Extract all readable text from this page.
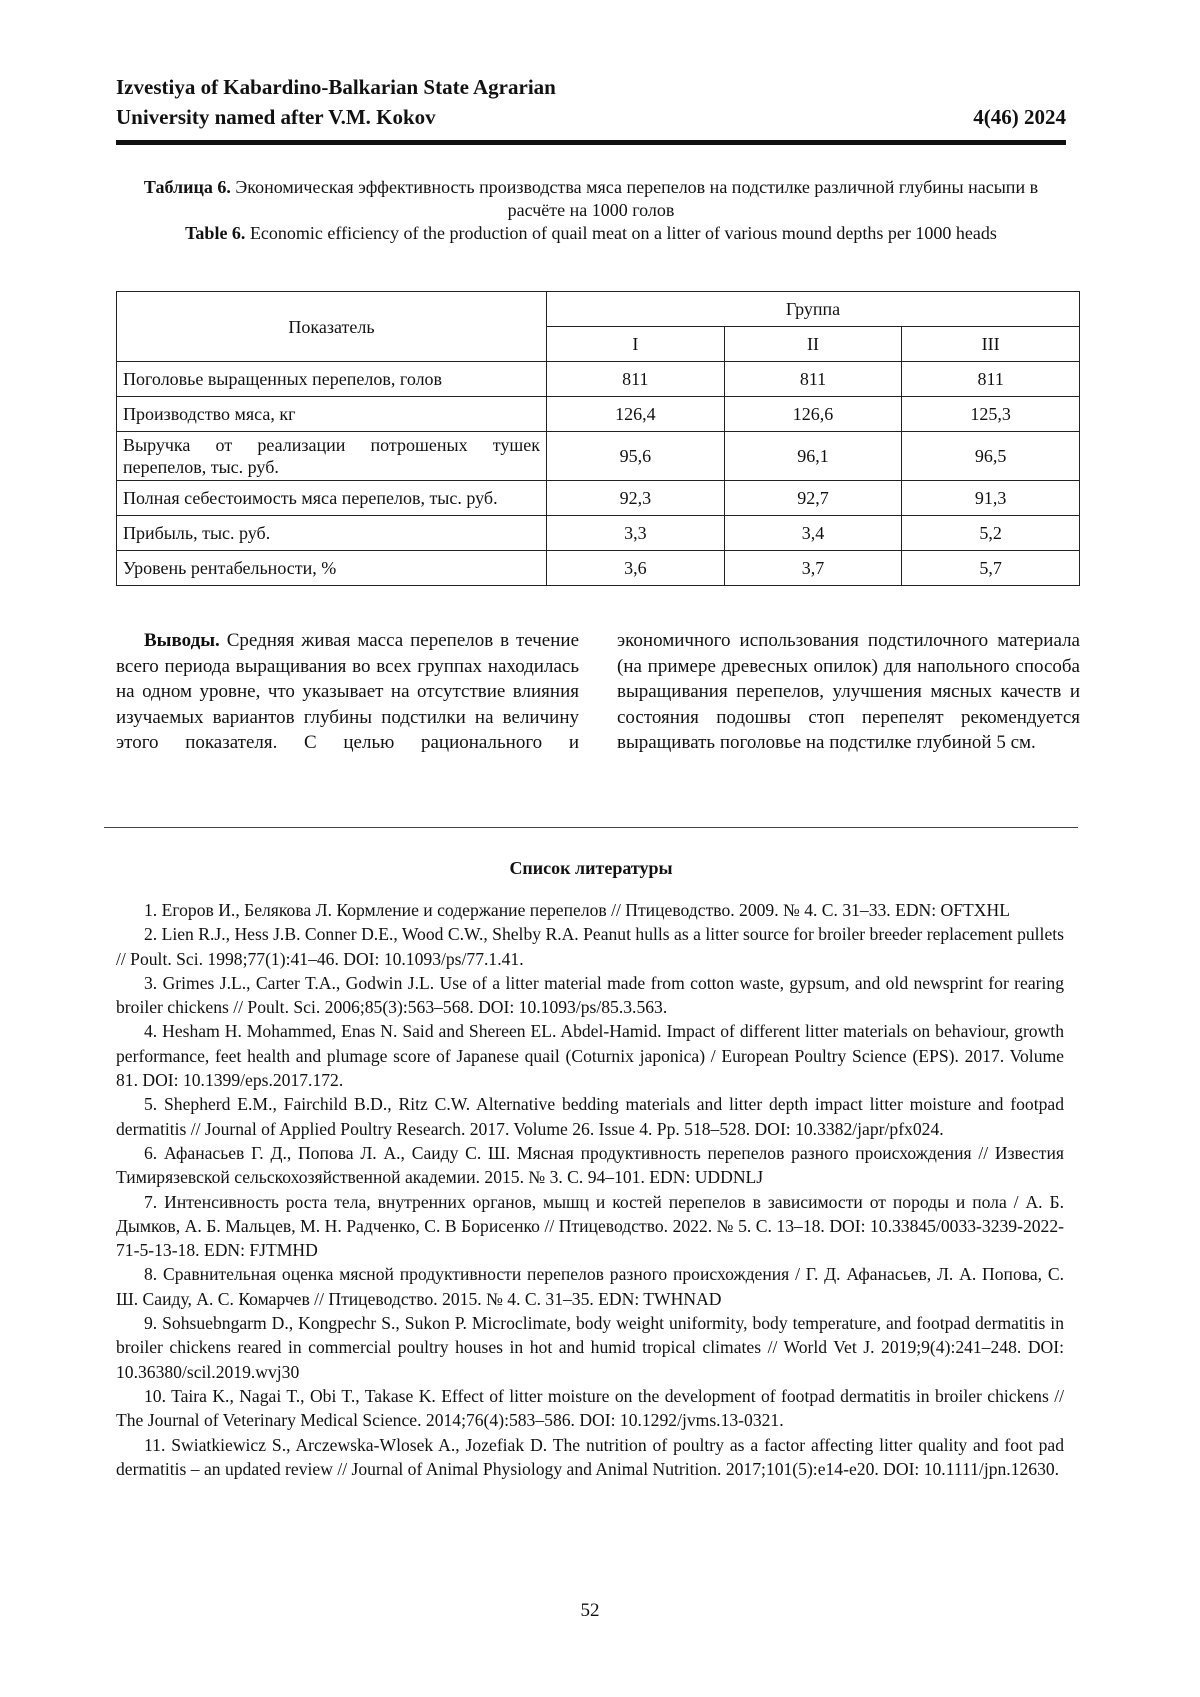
Izvestiya of Kabardino-Balkarian State Agrarian
University named after V.M. Kokov	4(46) 2024
Таблица 6. Экономическая эффективность производства мяса перепелов на подстилке различной глубины насыпи в расчёте на 1000 голов
Table 6. Economic efficiency of the production of quail meat on a litter of various mound depths per 1000 heads
Показатель	Группа
I	II	III
Поголовье выращенных перепелов, голов	811	811	811
Производство мяса, кг	126,4	126,6	125,3
Выручка от реализации потрошеных тушек перепелов, тыс. руб.	95,6	96,1	96,5
Полная себестоимость мяса перепелов, тыс. руб.	92,3	92,7	91,3
Прибыль, тыс. руб.	3,3	3,4	5,2
Уровень рентабельности, %	3,6	3,7	5,7

Выводы. Средняя живая масса перепелов в течение всего периода выращивания во всех группах находилась на одном уровне, что указывает на отсутствие влияния изучаемых вариантов глубины подстилки на величину этого показателя. С целью рационального и экономичного использования подстилочного материала (на примере древесных опилок) для напольного способа выращивания перепелов, улучшения мясных качеств и состояния подошвы стоп перепелят рекомендуется выращивать поголовье на подстилке глубиной 5 см.

Список литературы

1. Егоров И., Белякова Л. Кормление и содержание перепелов // Птицеводство. 2009. № 4. С. 31–33. EDN: OFTXHL

2. Lien R.J., Hess J.B. Conner D.E., Wood C.W., Shelby R.A. Peanut hulls as a litter source for broiler breeder replacement pullets // Poult. Sci. 1998;77(1):41–46. DOI: 10.1093/ps/77.1.41.

3. Grimes J.L., Carter T.A., Godwin J.L. Use of a litter material made from cotton waste, gypsum, and old newsprint for rearing broiler chickens // Poult. Sci. 2006;85(3):563–568. DOI: 10.1093/ps/85.3.563.

4. Hesham H. Mohammed, Enas N. Said and Shereen EL. Abdel-Hamid. Impact of different litter materials on behaviour, growth performance, feet health and plumage score of Japanese quail (Coturnix japonica) / European Poultry Science (EPS). 2017. Volume 81. DOI: 10.1399/eps.2017.172.

5. Shepherd E.M., Fairchild B.D., Ritz C.W. Alternative bedding materials and litter depth impact litter moisture and footpad dermatitis // Journal of Applied Poultry Research. 2017. Volume 26. Issue 4. Pp. 518–528. DOI: 10.3382/japr/pfx024.

6. Афанасьев Г. Д., Попова Л. А., Саиду С. Ш. Мясная продуктивность перепелов разного происхождения // Известия Тимирязевской сельскохозяйственной академии. 2015. № 3. С. 94–101. EDN: UDDNLJ

7. Интенсивность роста тела, внутренних органов, мышц и костей перепелов в зависимости от породы и пола / А. Б. Дымков, А. Б. Мальцев, М. Н. Радченко, С. В Борисенко // Птицеводство. 2022. № 5. С. 13–18. DOI: 10.33845/0033-3239-2022-71-5-13-18. EDN: FJTMHD

8. Сравнительная оценка мясной продуктивности перепелов разного происхождения / Г. Д. Афанасьев, Л. А. Попова, С. Ш. Саиду, А. С. Комарчев // Птицеводство. 2015. № 4. С. 31–35. EDN: TWHNAD

9. Sohsuebngarm D., Kongpechr S., Sukon P. Microclimate, body weight uniformity, body temperature, and footpad dermatitis in broiler chickens reared in commercial poultry houses in hot and humid tropical climates // World Vet J. 2019;9(4):241–248. DOI: 10.36380/scil.2019.wvj30

10. Taira K., Nagai T., Obi T., Takase K. Effect of litter moisture on the development of footpad dermatitis in broiler chickens // The Journal of Veterinary Medical Science. 2014;76(4):583–586. DOI: 10.1292/jvms.13-0321.

11. Swiatkiewicz S., Arczewska-Wlosek A., Jozefiak D. The nutrition of poultry as a factor affecting litter quality and foot pad dermatitis – an updated review // Journal of Animal Physiology and Animal Nutrition. 2017;101(5):e14-e20. DOI: 10.1111/jpn.12630.

52
